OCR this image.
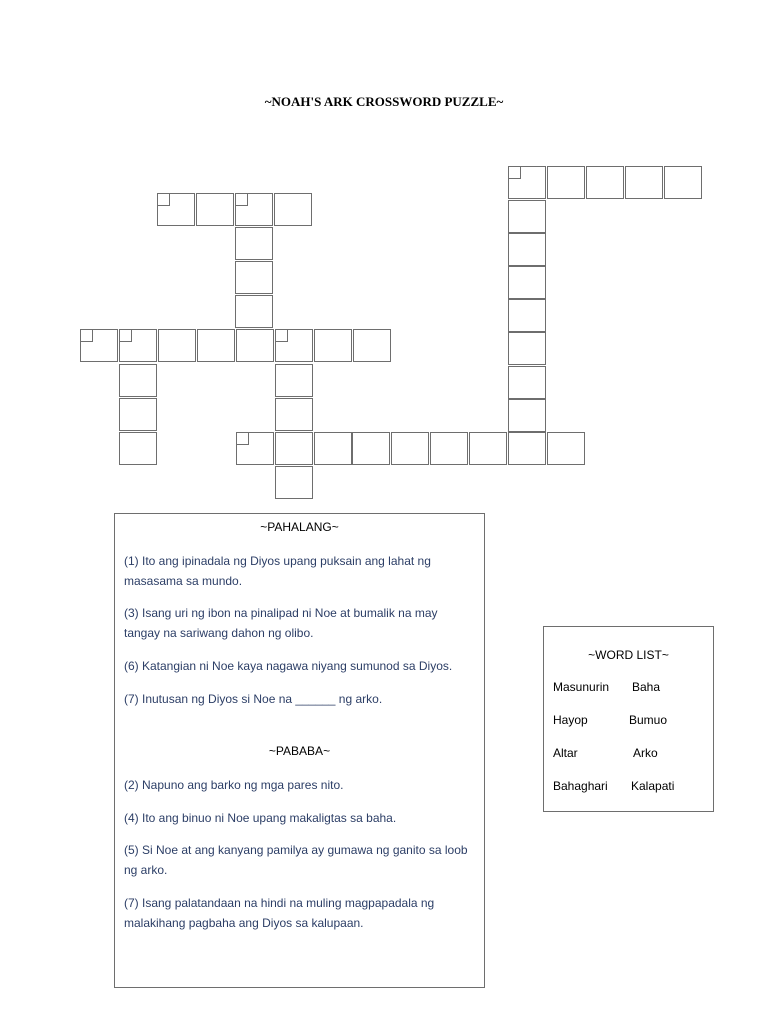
~NOAH'S ARK CROSSWORD PUZZLE~
~PAHALANG~
(1) Ito ang ipinadala ng Diyos upang puksain ang lahat ng masasama sa mundo.
(3) Isang uri ng ibon na pinalipad ni Noe at bumalik na may tangay na sariwang dahon ng olibo.
(6) Katangian ni Noe kaya nagawa niyang sumunod sa Diyos.
(7) Inutusan ng Diyos si Noe na ______ ng arko.
~PABABA~
(2) Napuno ang barko ng mga pares nito.
(4) Ito ang binuo ni Noe upang makaligtas sa baha.
(5) Si Noe at ang kanyang pamilya ay gumawa ng ganito sa loob ng arko.
(7) Isang palatandaan na hindi na muling magpapadala ng malakihang pagbaha ang Diyos sa kalupaan.
~WORD LIST~
Masunurin Baha
Hayop	Bumuo
Altar	Arko
Bahaghari Kalapati
